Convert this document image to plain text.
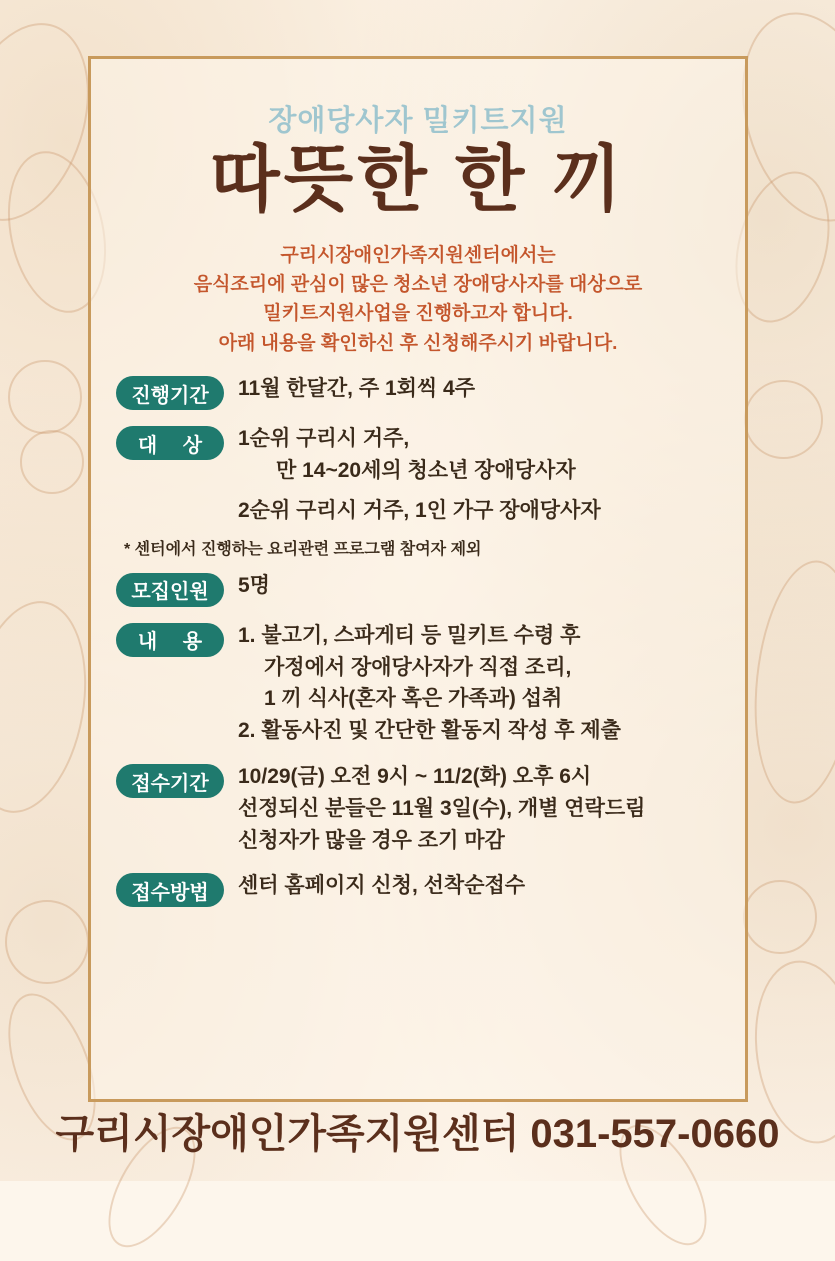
장애당사자 밀키트지원
따뜻한 한 끼
구리시장애인가족지원센터에서는
음식조리에 관심이 많은 청소년 장애당사자를 대상으로
밀키트지원사업을 진행하고자 합니다.
아래 내용을 확인하신 후 신청해주시기 바랍니다.
진행기간	11월 한달간, 주 1회씩 4주
대 상	1순위 구리시 거주,
만 14~20세의 청소년 장애당사자
2순위 구리시 거주, 1인 가구 장애당사자
* 센터에서 진행하는 요리관련 프로그램 참여자 제외
모집인원	5명
내 용	1. 불고기, 스파게티 등 밀키트 수령 후
가정에서 장애당사자가 직접 조리,
1 끼 식사(혼자 혹은 가족과) 섭취
2. 활동사진 및 간단한 활동지 작성 후 제출
접수기간	10/29(금) 오전 9시 ~ 11/2(화) 오후 6시
선정되신 분들은 11월 3일(수), 개별 연락드림
신청자가 많을 경우 조기 마감
접수방법	센터 홈페이지 신청, 선착순접수
구리시장애인가족지원센터 031-557-0660
